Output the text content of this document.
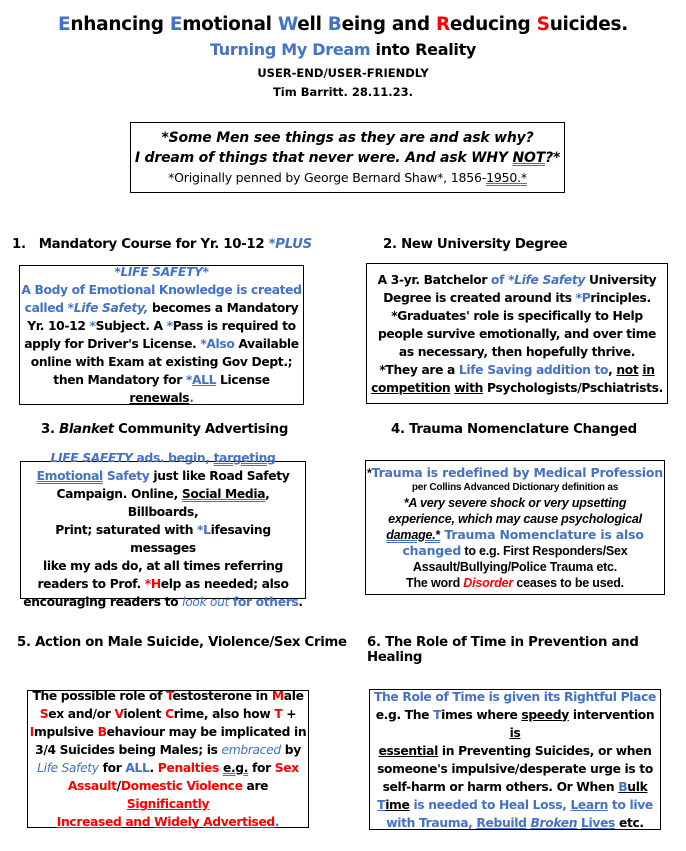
Enhancing Emotional Well Being and Reducing Suicides.
Turning My Dream into Reality
USER-END/USER-FRIENDLY
Tim Barritt. 28.11.23.
*Some Men see things as they are and ask why?
I dream of things that never were. And ask WHY NOT?*
*Originally penned by George Bernard Shaw*, 1856-1950.*
1. Mandatory Course for Yr. 10-12 *PLUS
*LIFE SAFETY*
A Body of Emotional Knowledge is created
called *Life Safety, becomes a Mandatory
Yr. 10-12 *Subject. A *Pass is required to
apply for Driver's License. *Also Available
online with Exam at existing Gov Dept.;
then Mandatory for *ALL License renewals.
2. New University Degree
A 3-yr. Batchelor of *Life Safety University
Degree is created around its *Principles.
*Graduates' role is specifically to Help
people survive emotionally, and over time
as necessary, then hopefully thrive.
*They are a Life Saving addition to, not in
competition with Psychologists/Pschiatrists.
3. Blanket Community Advertising
LIFE SAFETY ads. begin, targeting
Emotional Safety just like Road Safety
Campaign. Online, Social Media, Billboards,
Print; saturated with *Lifesaving messages
like my ads do, at all times referring
readers to Prof. *Help as needed; also
encouraging readers to look out for others.
4. Trauma Nomenclature Changed
*Trauma is redefined by Medical Profession
per Collins Advanced Dictionary definition as
*A very severe shock or very upsetting
experience, which may cause psychological
damage.* Trauma Nomenclature is also
changed to e.g. First Responders/Sex
Assault/Bullying/Police Trauma etc.
The word Disorder ceases to be used.
5. Action on Male Suicide, Violence/Sex Crime
The possible role of Testosterone in Male
Sex and/or Violent Crime, also how T +
Impulsive Behaviour may be implicated in
3/4 Suicides being Males; is embraced by
Life Safety for ALL. Penalties e.g. for Sex
Assault/Domestic Violence are Significantly
Increased and Widely Advertised.
6. The Role of Time in Prevention and Healing
The Role of Time is given its Rightful Place
e.g. The Times where speedy intervention is
essential in Preventing Suicides, or when
someone's impulsive/desperate urge is to
self-harm or harm others. Or When Bulk
Time is needed to Heal Loss, Learn to live
with Trauma, Rebuild Broken Lives etc.
